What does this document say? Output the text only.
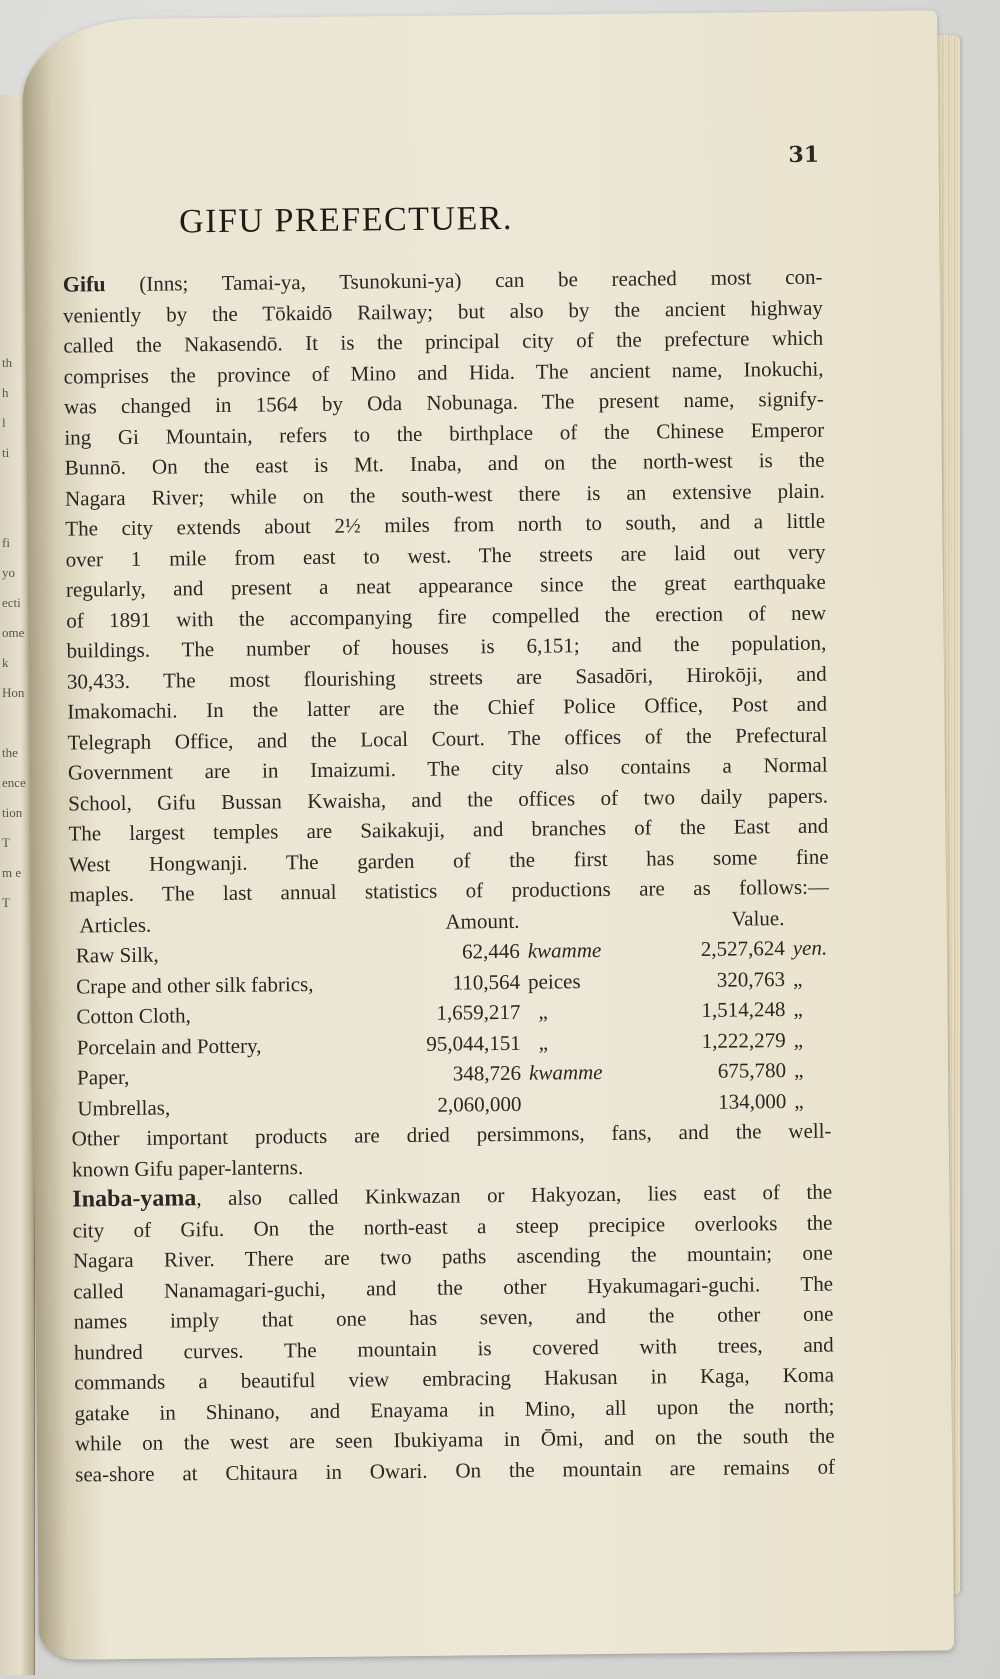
th
h
l
ti
fi
yo
ecti
ome
k
Hon
the
ence
tion
T
m e
T
31
GIFU PREFECTUER.
Gifu (Inns; Tamai-ya, Tsunokuni-ya) can be reached most con-
veniently by the Tōkaidō Railway; but also by the ancient highway
called the Nakasendō. It is the principal city of the prefecture which
comprises the province of Mino and Hida. The ancient name, Inokuchi,
was changed in 1564 by Oda Nobunaga. The present name, signify-
ing Gi Mountain, refers to the birthplace of the Chinese Emperor
Bunnō. On the east is Mt. Inaba, and on the north-west is the
Nagara River; while on the south-west there is an extensive plain.
The city extends about 2½ miles from north to south, and a little
over 1 mile from east to west. The streets are laid out very
regularly, and present a neat appearance since the great earthquake
of 1891 with the accompanying fire compelled the erection of new
buildings. The number of houses is 6,151; and the population,
30,433. The most flourishing streets are Sasadōri, Hirokōji, and
Imakomachi. In the latter are the Chief Police Office, Post and
Telegraph Office, and the Local Court. The offices of the Prefectural
Government are in Imaizumi. The city also contains a Normal
School, Gifu Bussan Kwaisha, and the offices of two daily papers.
The largest temples are Saikakuji, and branches of the East and
West Hongwanji. The garden of the first has some fine
maples. The last annual statistics of productions are as follows:—
Articles.	Amount.	Value.
Raw Silk,	62,446 kwamme	2,527,624 yen.
Crape and other silk fabrics,	110,564 peices	320,763 „
Cotton Cloth,	1,659,217 „	1,514,248 „
Porcelain and Pottery,	95,044,151 „	1,222,279 „
Paper,	348,726 kwamme	675,780 „
Umbrellas,	2,060,000	134,000 „
Other important products are dried persimmons, fans, and the well-
known Gifu paper-lanterns.
Inaba-yama, also called Kinkwazan or Hakyozan, lies east of the
city of Gifu. On the north-east a steep precipice overlooks the
Nagara River. There are two paths ascending the mountain; one
called Nanamagari-guchi, and the other Hyakumagari-guchi. The
names imply that one has seven, and the other one
hundred curves. The mountain is covered with trees, and
commands a beautiful view embracing Hakusan in Kaga, Koma
gatake in Shinano, and Enayama in Mino, all upon the north;
while on the west are seen Ibukiyama in Ōmi, and on the south the
sea-shore at Chitaura in Owari. On the mountain are remains of
